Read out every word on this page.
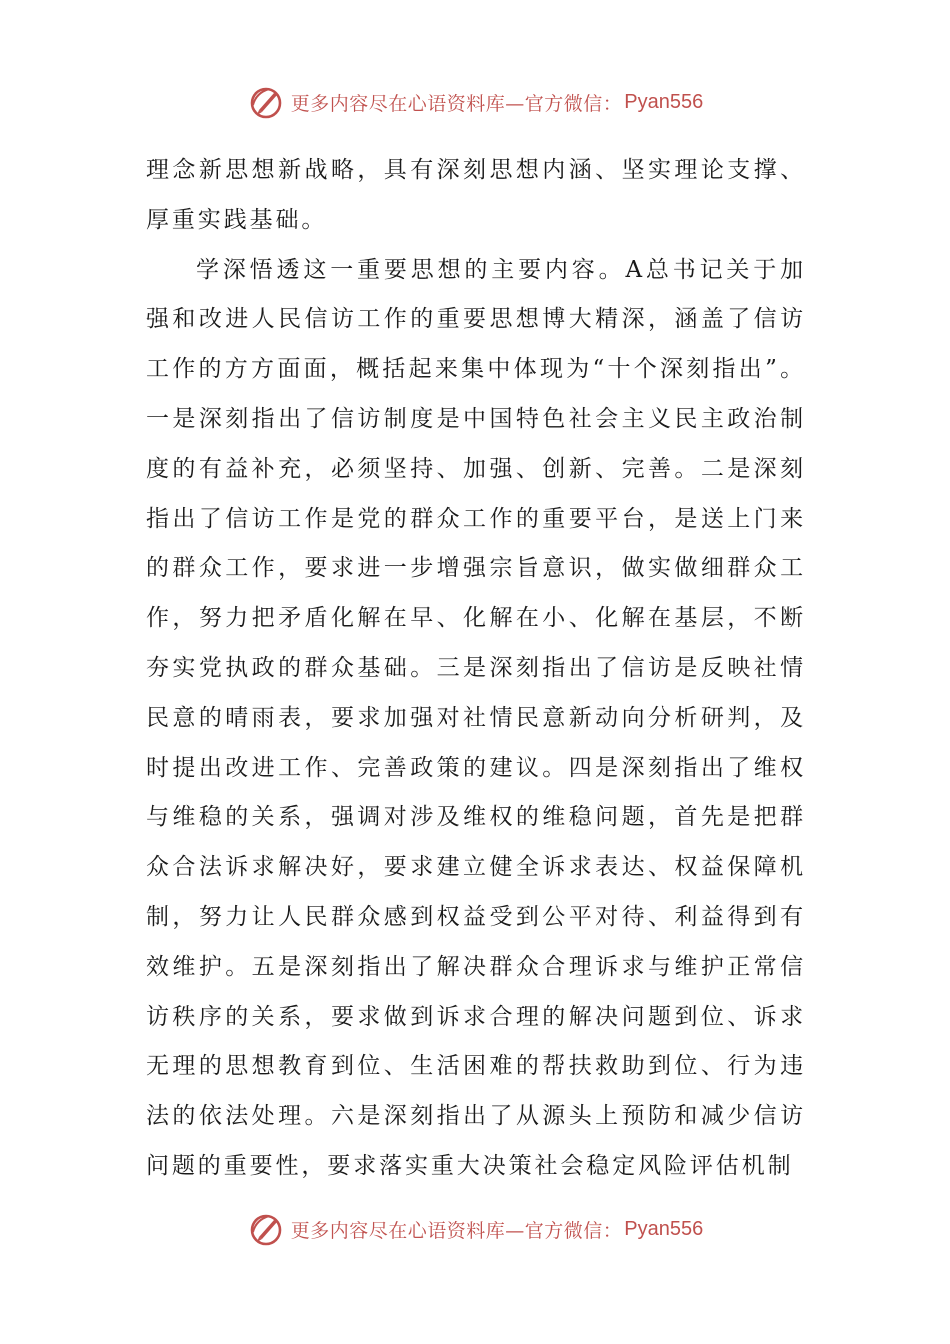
更多内容尽在心语资料库—官方微信： Pyan556

理念新思想新战略，具有深刻思想内涵、坚实理论支撑、厚重实践基础。

学深悟透这一重要思想的主要内容。A总书记关于加强和改进人民信访工作的重要思想博大精深，涵盖了信访工作的方方面面，概括起来集中体现为“十个深刻指出”。一是深刻指出了信访制度是中国特色社会主义民主政治制度的有益补充，必须坚持、加强、创新、完善。二是深刻指出了信访工作是党的群众工作的重要平台，是送上门来的群众工作，要求进一步增强宗旨意识，做实做细群众工作，努力把矛盾化解在早、化解在小、化解在基层，不断夯实党执政的群众基础。三是深刻指出了信访是反映社情民意的晴雨表，要求加强对社情民意新动向分析研判，及时提出改进工作、完善政策的建议。四是深刻指出了维权与维稳的关系，强调对涉及维权的维稳问题，首先是把群众合法诉求解决好，要求建立健全诉求表达、权益保障机制，努力让人民群众感到权益受到公平对待、利益得到有效维护。五是深刻指出了解决群众合理诉求与维护正常信访秩序的关系，要求做到诉求合理的解决问题到位、诉求无理的思想教育到位、生活困难的帮扶救助到位、行为违法的依法处理。六是深刻指出了从源头上预防和减少信访问题的重要性，要求落实重大决策社会稳定风险评估机制

更多内容尽在心语资料库—官方微信： Pyan556
